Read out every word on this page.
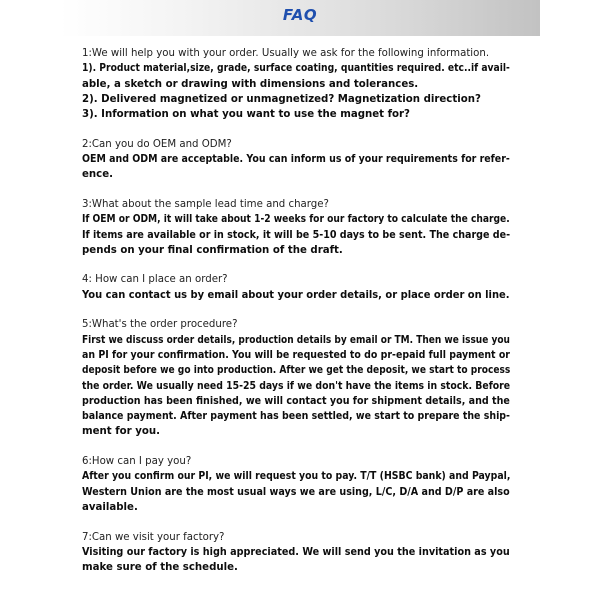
FAQ
1:We will help you with your order. Usually we ask for the following information.
1). Product material,size, grade, surface coating, quantities required. etc..if avail-
able, a sketch or drawing with dimensions and tolerances.
2). Delivered magnetized or unmagnetized? Magnetization direction?
3). Information on what you want to use the magnet for?
2:Can you do OEM and ODM?
OEM and ODM are acceptable. You can inform us of your requirements for refer-
ence.
3:What about the sample lead time and charge?
If OEM or ODM, it will take about 1-2 weeks for our factory to calculate the charge.
If items are available or in stock, it will be 5-10 days to be sent. The charge de-
pends on your final confirmation of the draft.
4: How can I place an order?
You can contact us by email about your order details, or place order on line.
5:What's the order procedure?
First we discuss order details, production details by email or TM. Then we issue you
an PI for your confirmation. You will be requested to do pr-epaid full payment or
deposit before we go into production. After we get the deposit, we start to process
the order. We usually need 15-25 days if we don't have the items in stock. Before
production has been finished, we will contact you for shipment details, and the
balance payment. After payment has been settled, we start to prepare the ship-
ment for you.
6:How can I pay you?
After you confirm our PI, we will request you to pay. T/T (HSBC bank) and Paypal,
Western Union are the most usual ways we are using, L/C, D/A and D/P are also
available.
7:Can we visit your factory?
Visiting our factory is high appreciated. We will send you the invitation as you
make sure of the schedule.
